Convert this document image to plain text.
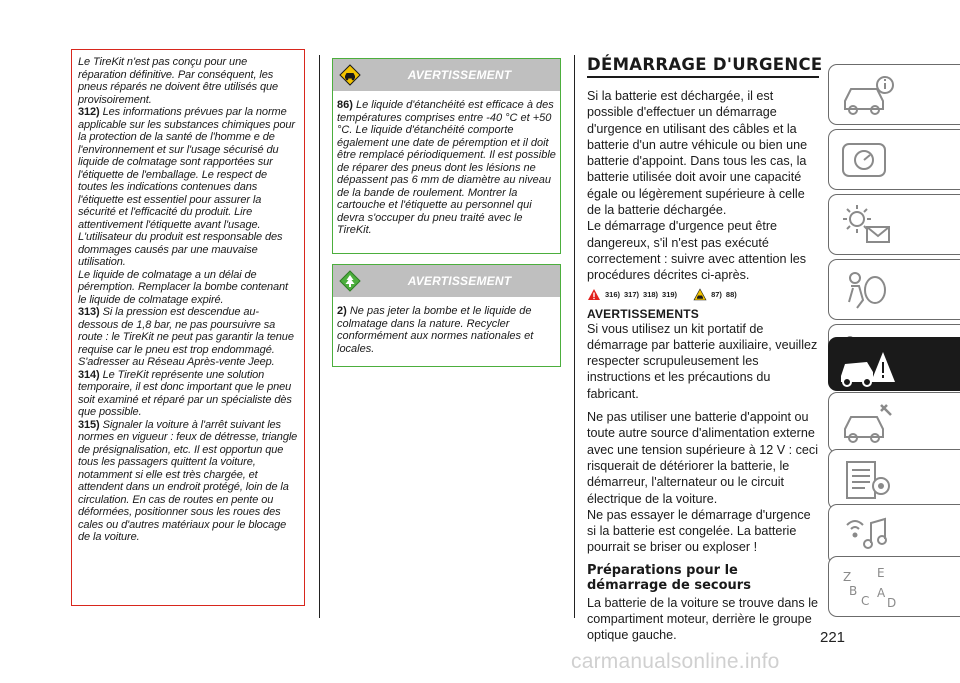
Le TireKit n'est pas conçu pour une réparation définitive. Par conséquent, les pneus réparés ne doivent être utilisés que provisoirement.

312) Les informations prévues par la norme applicable sur les substances chimiques pour la protection de la santé de l'homme e de l'environnement et sur l'usage sécurisé du liquide de colmatage sont rapportées sur l'étiquette de l'emballage. Le respect de toutes les indications contenues dans l'étiquette est essentiel pour assurer la sécurité et l'efficacité du produit. Lire attentivement l'étiquette avant l'usage. L'utilisateur du produit est responsable des dommages causés par une mauvaise utilisation.

Le liquide de colmatage a un délai de péremption. Remplacer la bombe contenant le liquide de colmatage expiré.

313) Si la pression est descendue au-dessous de 1,8 bar, ne pas poursuivre sa route : le TireKit ne peut pas garantir la tenue requise car le pneu est trop endommagé. S'adresser au Réseau Après-vente Jeep.

314) Le TireKit représente une solution temporaire, il est donc important que le pneu soit examiné et réparé par un spécialiste dès que possible.

315) Signaler la voiture à l'arrêt suivant les normes en vigueur : feux de détresse, triangle de présignalisation, etc. Il est opportun que tous les passagers quittent la voiture, notamment si elle est très chargée, et attendent dans un endroit protégé, loin de la circulation. En cas de routes en pente ou déformées, positionner sous les roues des cales ou d'autres matériaux pour le blocage de la voiture.

AVERTISSEMENT

86) Le liquide d'étanchéité est efficace à des températures comprises entre -40 °C et +50 °C. Le liquide d'étanchéité comporte également une date de péremption et il doit être remplacé périodiquement. Il est possible de réparer des pneus dont les lésions ne dépassent pas 6 mm de diamètre au niveau de la bande de roulement. Montrer la cartouche et l'étiquette au personnel qui devra s'occuper du pneu traité avec le TireKit.

AVERTISSEMENT

2) Ne pas jeter la bombe et le liquide de colmatage dans la nature. Recycler conformément aux normes nationales et locales.

DÉMARRAGE D'URGENCE

Si la batterie est déchargée, il est possible d'effectuer un démarrage d'urgence en utilisant des câbles et la batterie d'un autre véhicule ou bien une batterie d'appoint. Dans tous les cas, la batterie utilisée doit avoir une capacité égale ou légèrement supérieure à celle de la batterie déchargée.

Le démarrage d'urgence peut être dangereux, s'il n'est pas exécuté correctement : suivre avec attention les procédures décrites ci-après.

316) 317) 318) 319)	87) 88)
AVERTISSEMENTS

Si vous utilisez un kit portatif de démarrage par batterie auxiliaire, veuillez respecter scrupuleusement les instructions et les précautions du fabricant.

Ne pas utiliser une batterie d'appoint ou toute autre source d'alimentation externe avec une tension supérieure à 12 V : ceci risquerait de détériorer la batterie, le démarreur, l'alternateur ou le circuit électrique de la voiture.

Ne pas essayer le démarrage d'urgence si la batterie est congelée. La batterie pourrait se briser ou exploser !

Préparations pour le démarrage de secours

La batterie de la voiture se trouve dans le compartiment moteur, derrière le groupe optique gauche.	221
carmanualsonline.info
Z E
B
C
A
D
